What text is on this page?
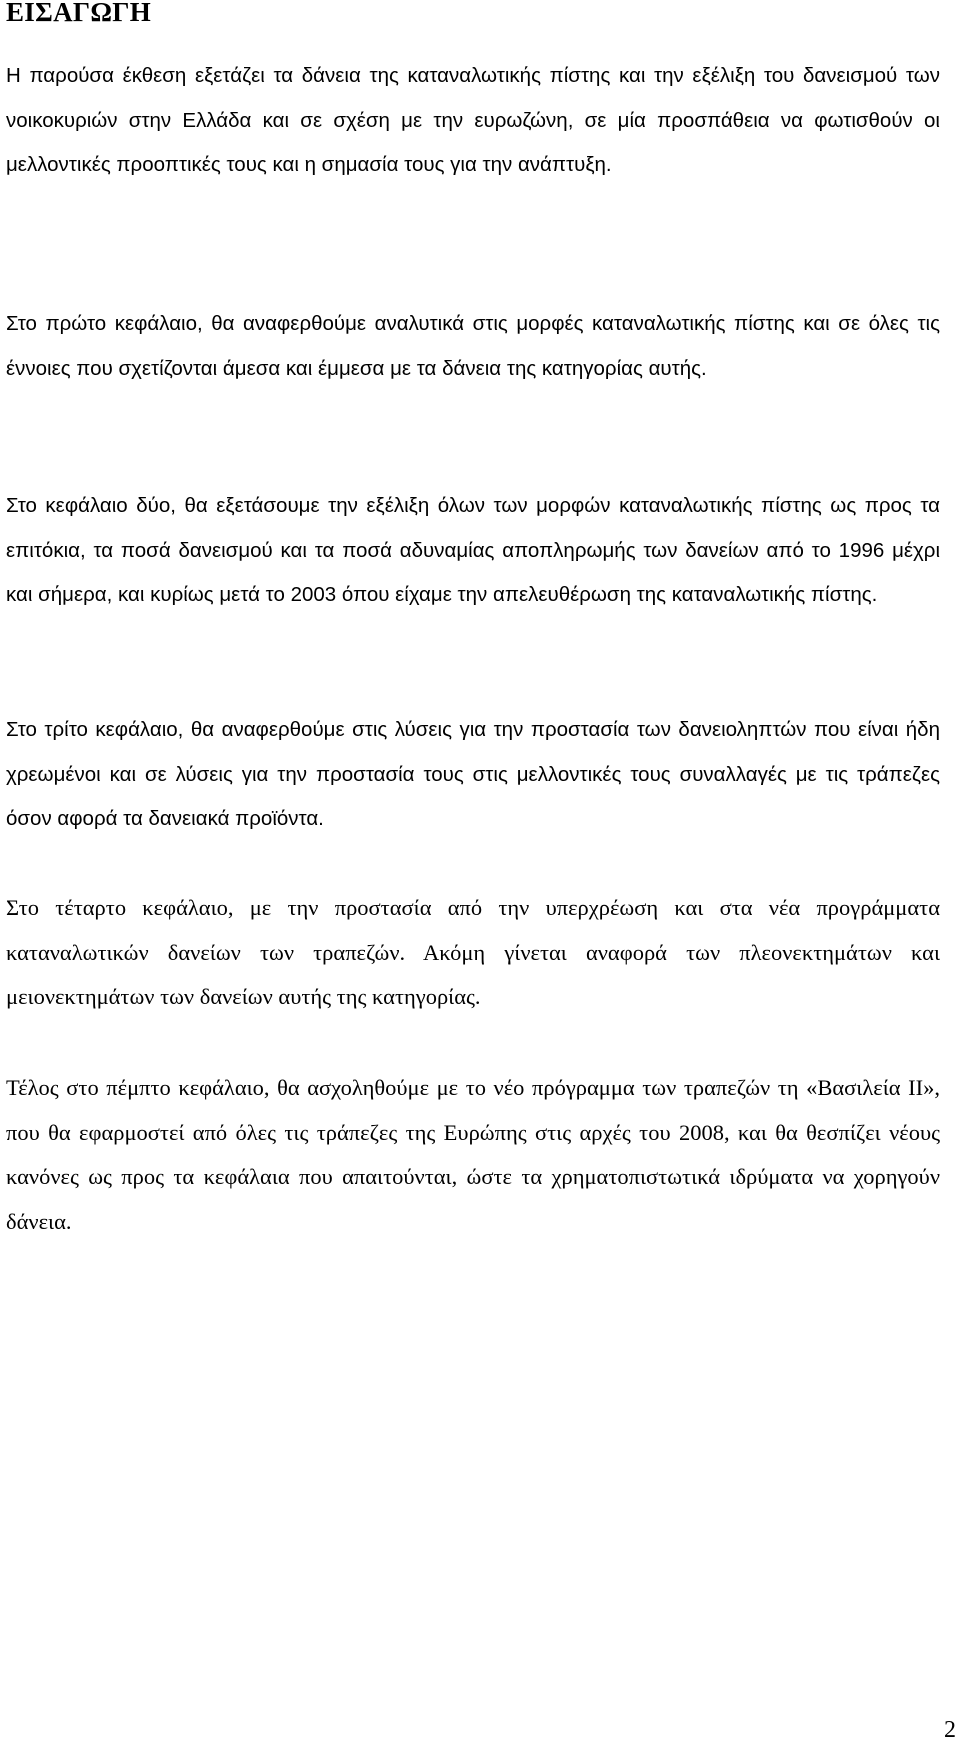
ΕΙΣΑΓΩΓΗ

Η παρούσα έκθεση εξετάζει τα δάνεια της καταναλωτικής πίστης και την εξέλιξη του δανεισμού των νοικοκυριών στην Ελλάδα και σε σχέση με την ευρωζώνη, σε μία προσπάθεια να φωτισθούν οι μελλοντικές προοπτικές τους και η σημασία τους για την ανάπτυξη.

Στο πρώτο κεφάλαιο, θα αναφερθούμε αναλυτικά στις μορφές καταναλωτικής πίστης και σε όλες τις έννοιες που σχετίζονται άμεσα και έμμεσα με τα δάνεια της κατηγορίας αυτής.

Στο κεφάλαιο δύο, θα εξετάσουμε την εξέλιξη όλων των μορφών καταναλωτικής πίστης ως προς τα επιτόκια, τα ποσά δανεισμού και τα ποσά αδυναμίας αποπληρωμής των δανείων από το 1996 μέχρι και σήμερα, και κυρίως μετά το 2003 όπου είχαμε την απελευθέρωση της καταναλωτικής πίστης.

Στο τρίτο κεφάλαιο, θα αναφερθούμε στις λύσεις για την προστασία των δανειοληπτών που είναι ήδη χρεωμένοι και σε λύσεις για την προστασία τους στις μελλοντικές τους συναλλαγές με τις τράπεζες όσον αφορά τα δανειακά προϊόντα.

Στο τέταρτο κεφάλαιο, με την προστασία από την υπερχρέωση και στα νέα προγράμματα καταναλωτικών δανείων των τραπεζών. Ακόμη γίνεται αναφορά των πλεονεκτημάτων και μειονεκτημάτων των δανείων αυτής της κατηγορίας.

Τέλος στο πέμπτο κεφάλαιο, θα ασχοληθούμε με το νέο πρόγραμμα των τραπεζών τη «Βασιλεία ΙΙ», που θα εφαρμοστεί από όλες τις τράπεζες της Ευρώπης στις αρχές του 2008, και θα θεσπίζει νέους κανόνες ως προς τα κεφάλαια που απαιτούνται, ώστε τα χρηματοπιστωτικά ιδρύματα να χορηγούν δάνεια.

2
